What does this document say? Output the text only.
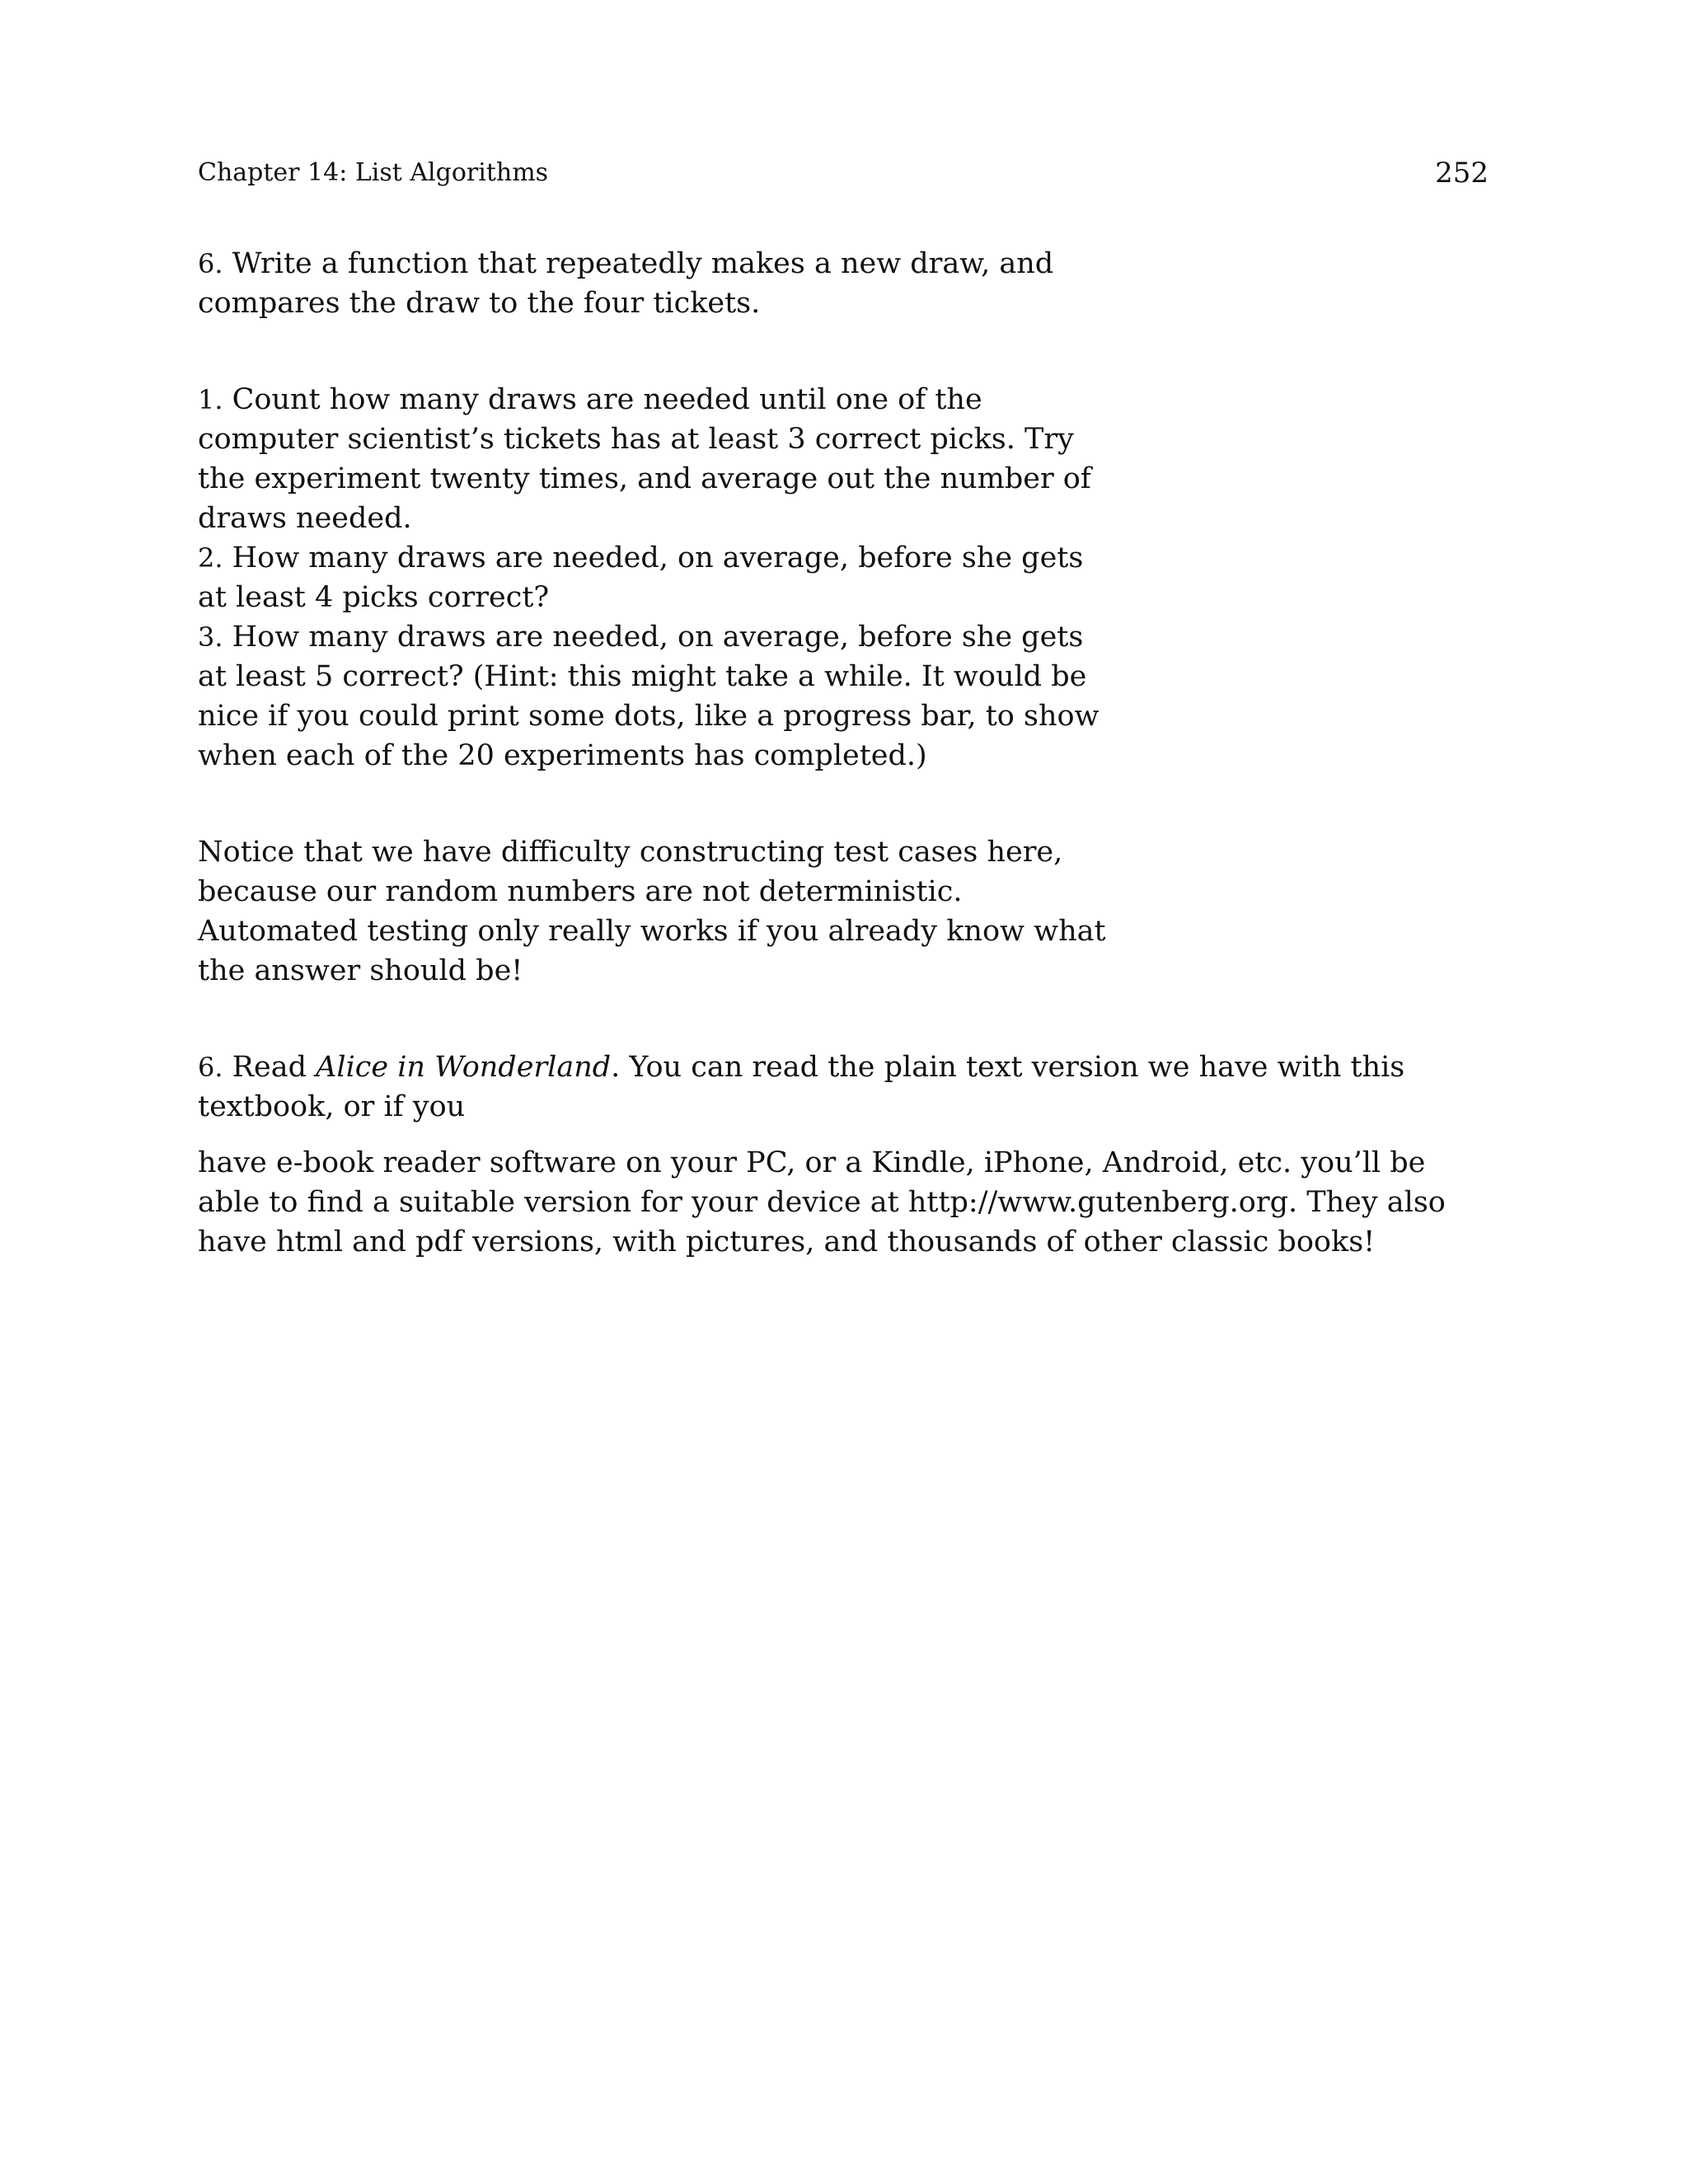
Chapter 14: List Algorithms	252

6. Write a function that repeatedly makes a new draw, and compares the draw to the four tickets.

1. Count how many draws are needed until one of the computer scientist’s tickets has at least 3 correct picks. Try the experiment twenty times, and average out the number of draws needed.
2. How many draws are needed, on average, before she gets at least 4 picks correct?
3. How many draws are needed, on average, before she gets at least 5 correct? (Hint: this might take a while. It would be nice if you could print some dots, like a progress bar, to show when each of the 20 experiments has completed.)

Notice that we have difficulty constructing test cases here, because our random numbers are not deterministic. Automated testing only really works if you already know what the answer should be!

6. Read Alice in Wonderland. You can read the plain text version we have with this textbook, or if you

have e-book reader software on your PC, or a Kindle, iPhone, Android, etc. you’ll be able to find a suitable version for your device at http://www.gutenberg.org. They also have html and pdf versions, with pictures, and thousands of other classic books!
